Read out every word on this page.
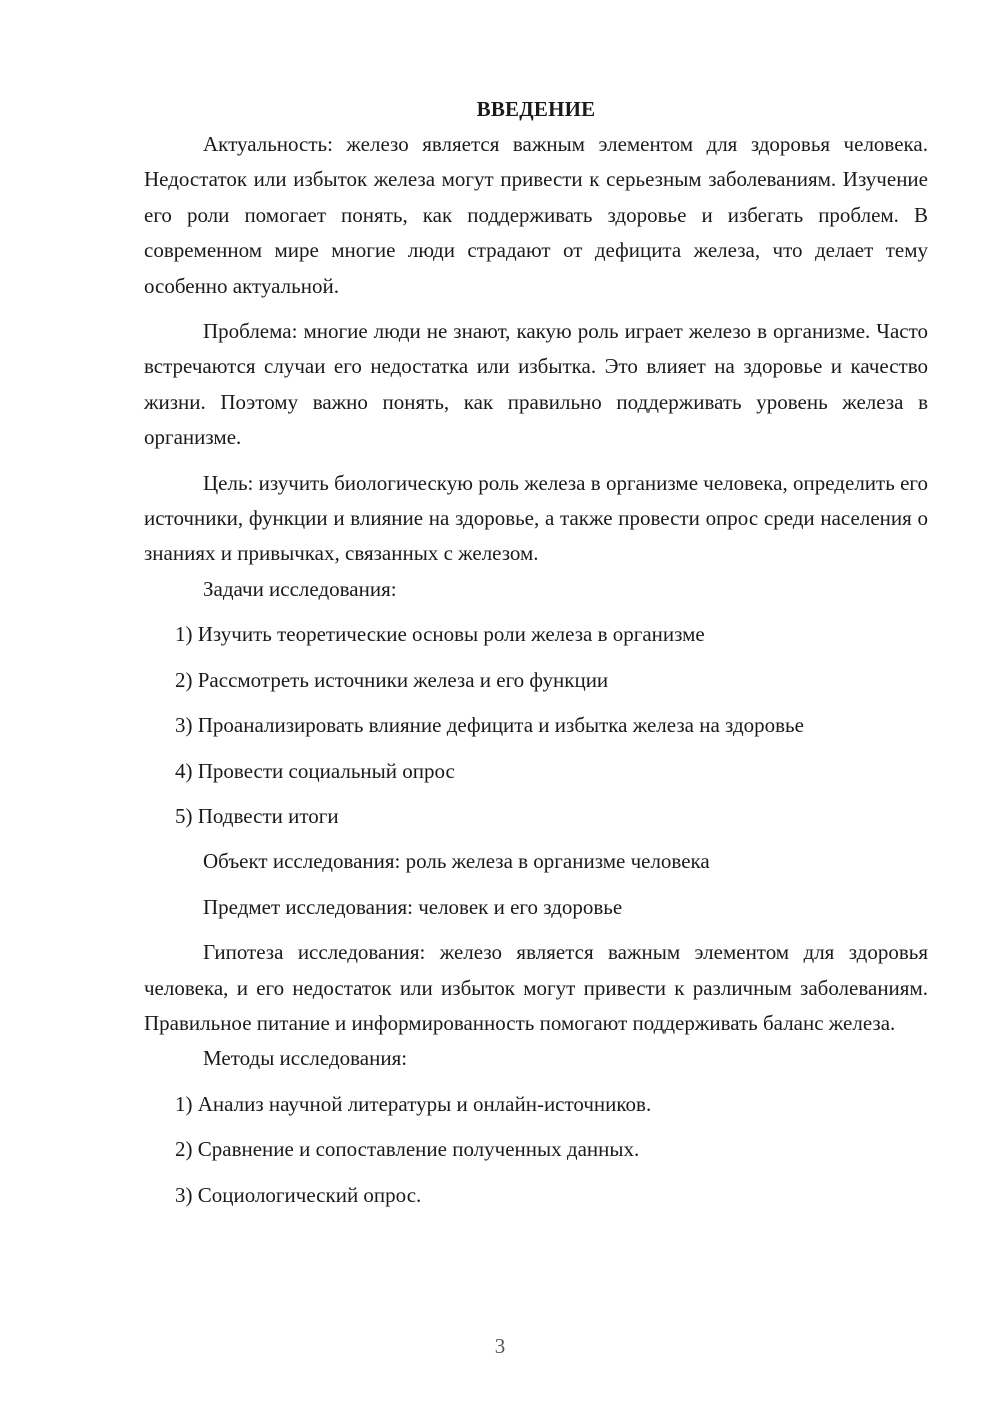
ВВЕДЕНИЕ

Актуальность: железо является важным элементом для здоровья человека. Недостаток или избыток железа могут привести к серьезным заболеваниям. Изучение его роли помогает понять, как поддерживать здоровье и избегать проблем. В современном мире многие люди страдают от дефицита железа, что делает тему особенно актуальной.

Проблема: многие люди не знают, какую роль играет железо в организме. Часто встречаются случаи его недостатка или избытка. Это влияет на здоровье и качество жизни. Поэтому важно понять, как правильно поддерживать уровень железа в организме.

Цель: изучить биологическую роль железа в организме человека, определить его источники, функции и влияние на здоровье, а также провести опрос среди населения о знаниях и привычках, связанных с железом.

Задачи исследования:

1) Изучить теоретические основы роли железа в организме

2) Рассмотреть источники железа и его функции

3) Проанализировать влияние дефицита и избытка железа на здоровье

4) Провести социальный опрос

5) Подвести итоги

Объект исследования: роль железа в организме человека

Предмет исследования: человек и его здоровье

Гипотеза исследования: железо является важным элементом для здоровья человека, и его недостаток или избыток могут привести к различным заболеваниям. Правильное питание и информированность помогают поддерживать баланс железа.

Методы исследования:

1) Анализ научной литературы и онлайн-источников.

2) Сравнение и сопоставление полученных данных.

3) Социологический опрос.

3
